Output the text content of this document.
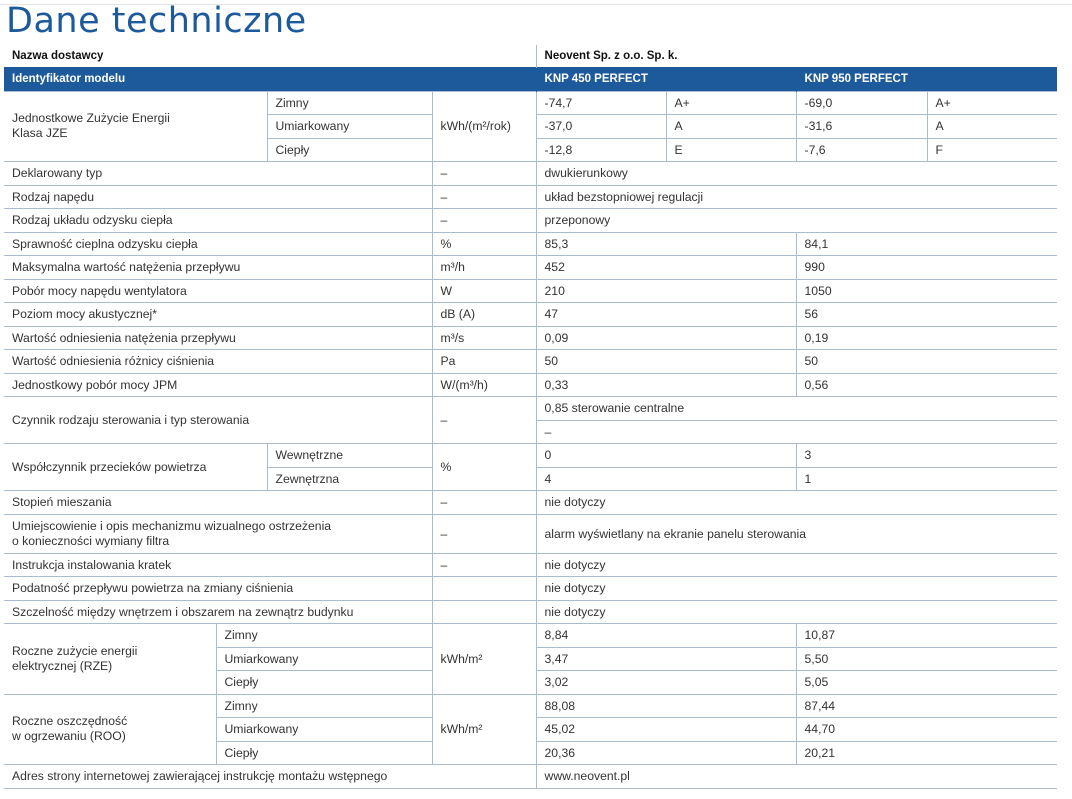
Dane techniczne
Nazwa dostawcy				Neovent Sp. z o.o. Sp. k.			
Identyfikator modelu				KNP 450 PERFECT		KNP 950 PERFECT	
Jednostkowe Zużycie Energii
Klasa JZE		Zimny	kWh/(m²/rok)	-74,7	A+	-69,0	A+
		Umiarkowany		-37,0	A	-31,6	A
		Ciepły		-12,8	E	-7,6	F
Deklarowany typ			–	dwukierunkowy			
Rodzaj napędu			–	układ bezstopniowej regulacji			
Rodzaj układu odzysku ciepła			–	przeponowy			
Sprawność cieplna odzysku ciepła			%	85,3		84,1	
Maksymalna wartość natężenia przepływu			m³/h	452		990	
Pobór mocy napędu wentylatora			W	210		1050	
Poziom mocy akustycznej*			dB (A)	47		56	
Wartość odniesienia natężenia przepływu			m³/s	0,09		0,19	
Wartość odniesienia różnicy ciśnienia			Pa	50		50	
Jednostkowy pobór mocy JPM			W/(m³/h)	0,33		0,56	
Czynnik rodzaju sterowania i typ sterowania			–	0,85 sterowanie centralne			
				–			
Współczynnik przecieków powietrza		Wewnętrzne	%	0		3	
		Zewnętrzna		4		1	
Stopień mieszania			–	nie dotyczy			
Umiejscowienie i opis mechanizmu wizualnego ostrzeżenia
o konieczności wymiany filtra			–	alarm wyświetlany na ekranie panelu sterowania			
Instrukcja instalowania kratek			–	nie dotyczy			
Podatność przepływu powietrza na zmiany ciśnienia				nie dotyczy			
Szczelność między wnętrzem i obszarem na zewnątrz budynku				nie dotyczy			
Roczne zużycie energii
elektrycznej (RZE)	Zimny		kWh/m²	8,84		10,87	
	Umiarkowany			3,47		5,50	
	Ciepły			3,02		5,05	
Roczne oszczędność
w ogrzewaniu (ROO)	Zimny		kWh/m²	88,08		87,44	
	Umiarkowany			45,02		44,70	
	Ciepły			20,36		20,21	
Adres strony internetowej zawierającej instrukcję montażu wstępnego				www.neovent.pl			
